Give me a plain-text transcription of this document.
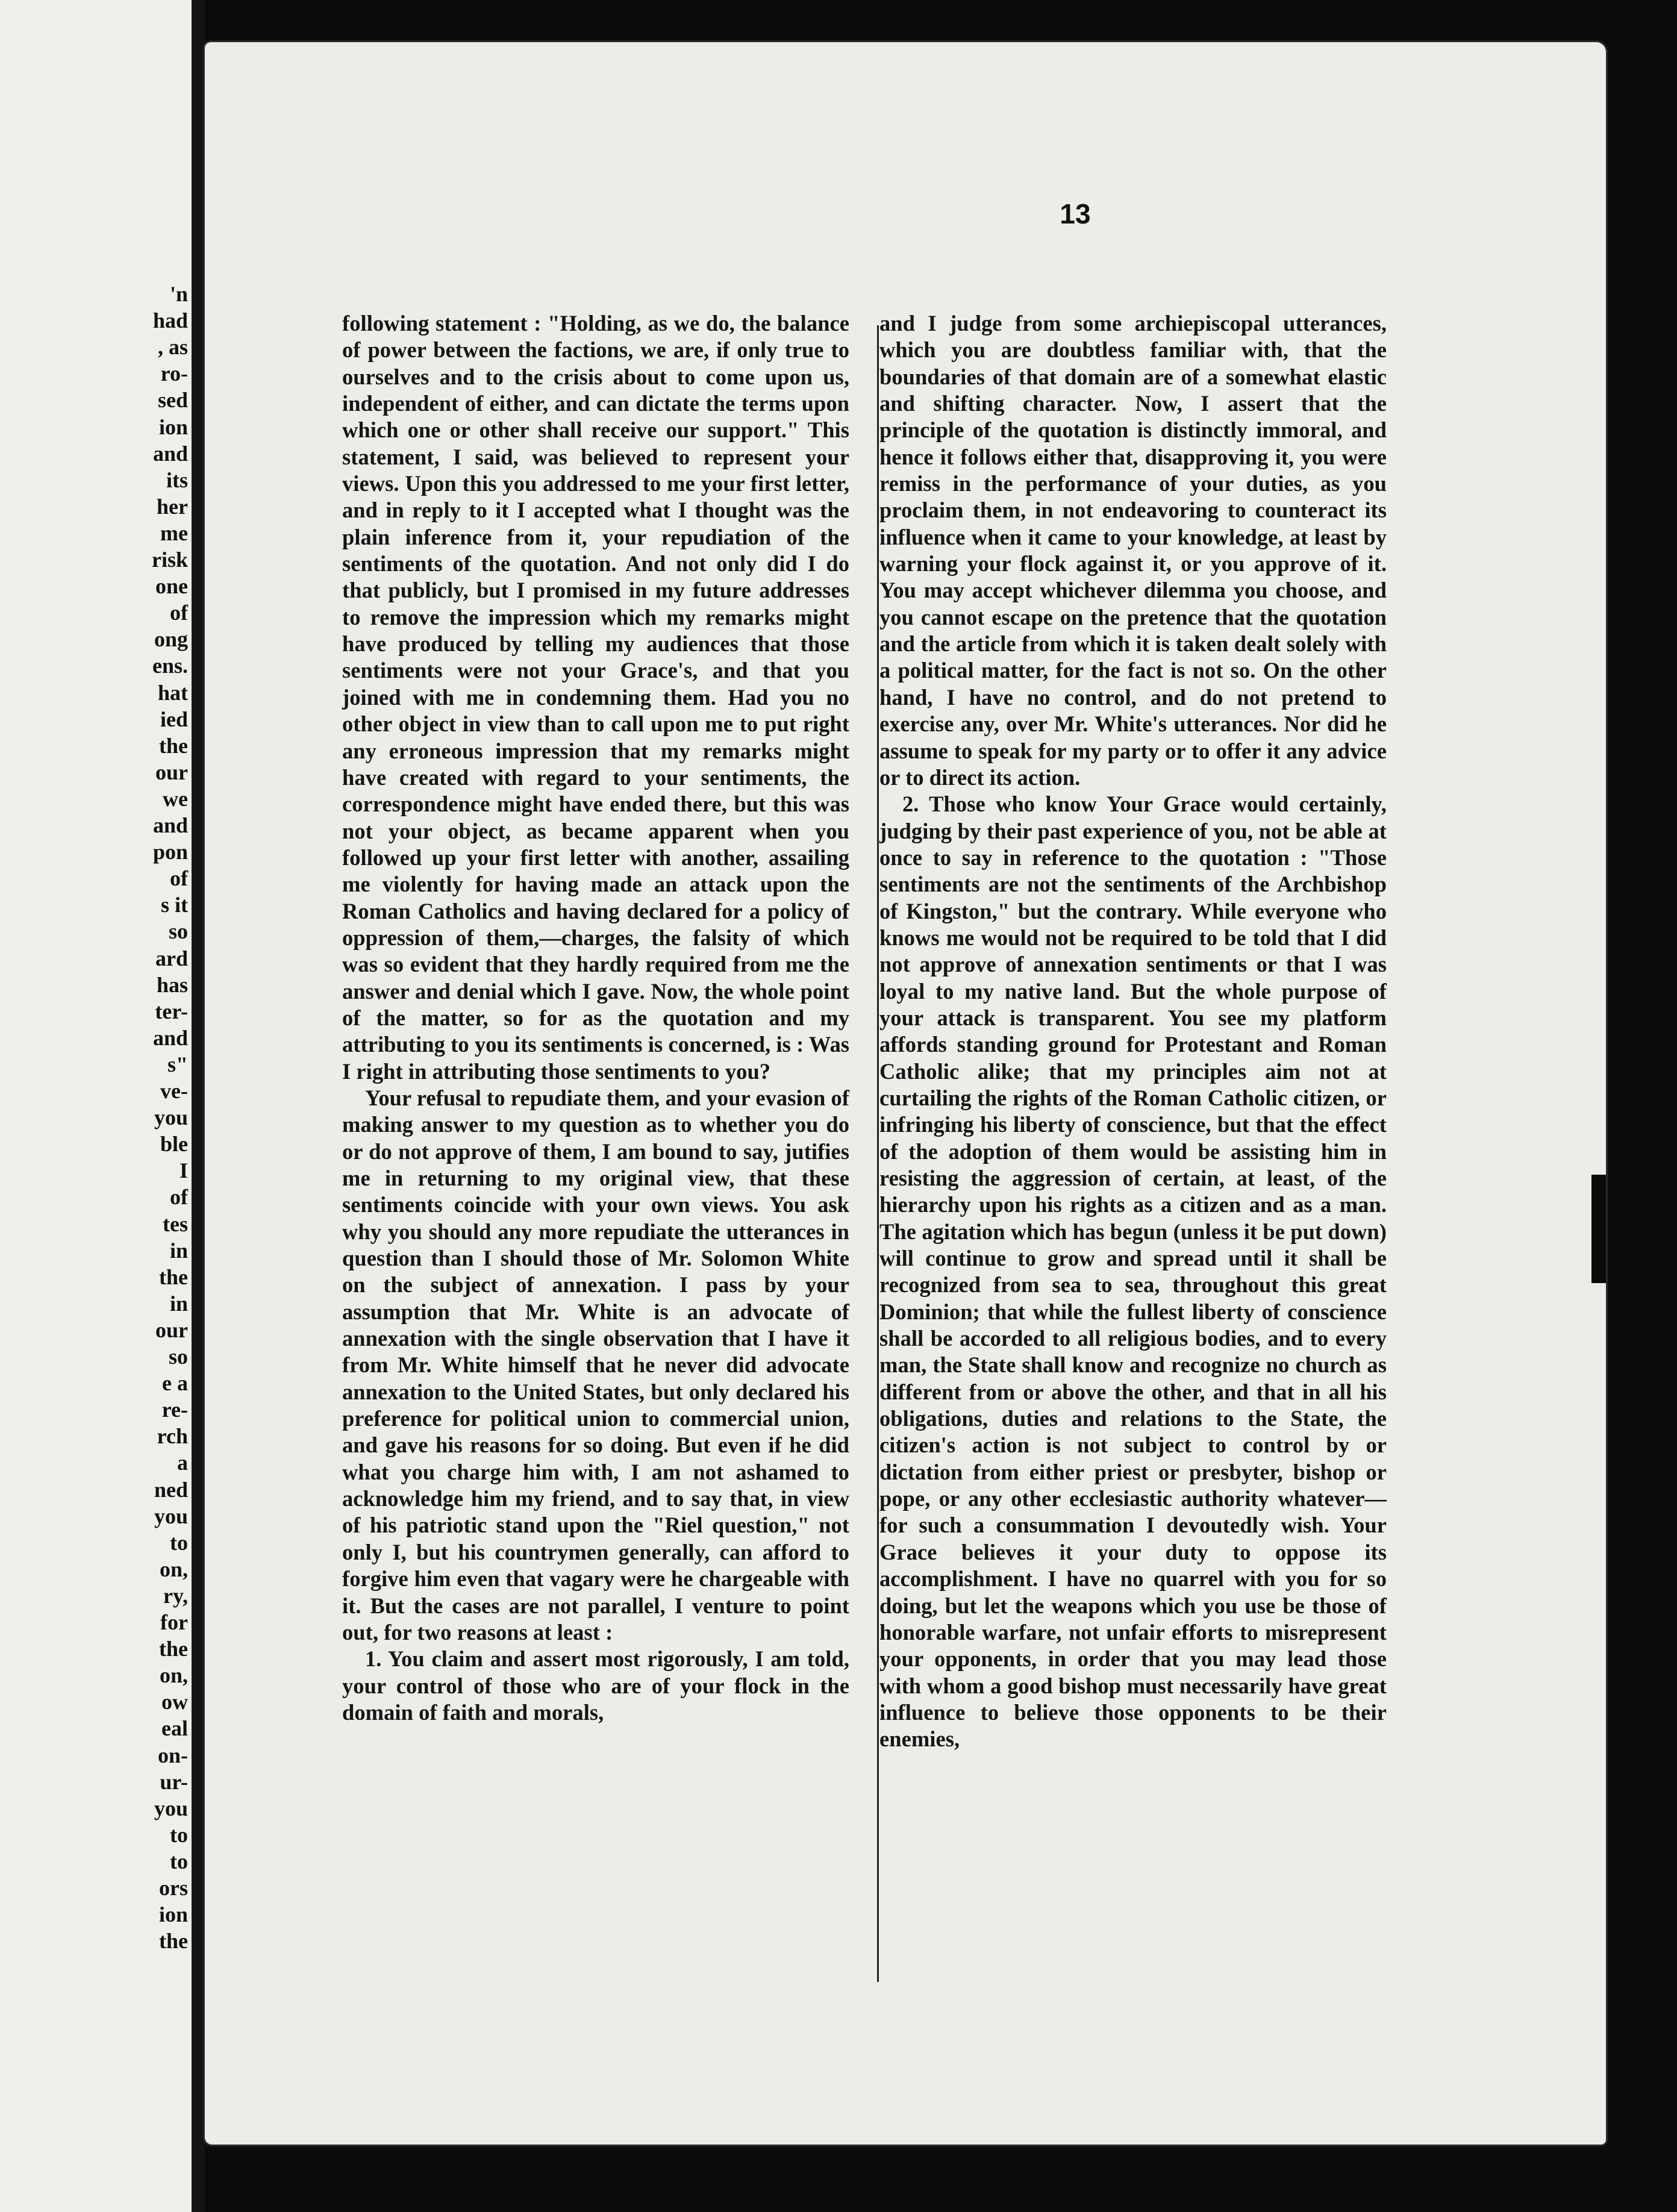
'n
had
, as
ro-
sed
ion
and
its
her
me
risk
one
of
ong
ens.
hat
ied
the
our
we
and
pon
of
s it
so
ard
has
ter-
and
s"
ve-
you
ble
I
of
tes
in
the
in
our
so
e a
re-
rch
a
ned
you
to
on,
ry,
for
the
on,
ow
eal
on-
ur-
you
to
to
ors
ion
the
13

following statement : "Holding, as we do, the balance of power between the factions, we are, if only true to ourselves and to the crisis about to come upon us, independent of either, and can dictate the terms upon which one or other shall receive our support." This statement, I said, was believed to represent your views. Upon this you addressed to me your first letter, and in reply to it I accepted what I thought was the plain inference from it, your repudiation of the sentiments of the quotation. And not only did I do that publicly, but I promised in my future addresses to remove the impression which my remarks might have produced by telling my audiences that those sentiments were not your Grace's, and that you joined with me in condemning them. Had you no other object in view than to call upon me to put right any erroneous impression that my remarks might have created with regard to your sentiments, the correspondence might have ended there, but this was not your object, as became apparent when you followed up your first letter with another, assailing me violently for having made an attack upon the Roman Catholics and having declared for a policy of oppression of them,—charges, the falsity of which was so evident that they hardly required from me the answer and denial which I gave. Now, the whole point of the matter, so for as the quotation and my attributing to you its sentiments is concerned, is : Was I right in attributing those sentiments to you?

Your refusal to repudiate them, and your evasion of making answer to my question as to whether you do or do not approve of them, I am bound to say, jutifies me in returning to my original view, that these sentiments coincide with your own views. You ask why you should any more repudiate the utterances in question than I should those of Mr. Solomon White on the subject of annexation. I pass by your assumption that Mr. White is an advocate of annexation with the single observation that I have it from Mr. White himself that he never did advocate annexation to the United States, but only declared his preference for political union to commercial union, and gave his reasons for so doing. But even if he did what you charge him with, I am not ashamed to acknowledge him my friend, and to say that, in view of his patriotic stand upon the "Riel question," not only I, but his countrymen generally, can afford to forgive him even that vagary were he chargeable with it. But the cases are not parallel, I venture to point out, for two reasons at least :

1. You claim and assert most rigorously, I am told, your control of those who are of your flock in the domain of faith and morals,

and I judge from some archiepiscopal utterances, which you are doubtless familiar with, that the boundaries of that domain are of a somewhat elastic and shifting character. Now, I assert that the principle of the quotation is distinctly immoral, and hence it follows either that, disapproving it, you were remiss in the performance of your duties, as you proclaim them, in not endeavoring to counteract its influence when it came to your knowledge, at least by warning your flock against it, or you approve of it. You may accept whichever dilemma you choose, and you cannot escape on the pretence that the quotation and the article from which it is taken dealt solely with a political matter, for the fact is not so. On the other hand, I have no control, and do not pretend to exercise any, over Mr. White's utterances. Nor did he assume to speak for my party or to offer it any advice or to direct its action.

2. Those who know Your Grace would certainly, judging by their past experience of you, not be able at once to say in reference to the quotation : "Those sentiments are not the sentiments of the Archbishop of Kingston," but the contrary. While everyone who knows me would not be required to be told that I did not approve of annexation sentiments or that I was loyal to my native land. But the whole purpose of your attack is transparent. You see my platform affords standing ground for Protestant and Roman Catholic alike; that my principles aim not at curtailing the rights of the Roman Catholic citizen, or infringing his liberty of conscience, but that the effect of the adoption of them would be assisting him in resisting the aggression of certain, at least, of the hierarchy upon his rights as a citizen and as a man. The agitation which has begun (unless it be put down) will continue to grow and spread until it shall be recognized from sea to sea, throughout this great Dominion; that while the fullest liberty of conscience shall be accorded to all religious bodies, and to every man, the State shall know and recognize no church as different from or above the other, and that in all his obligations, duties and relations to the State, the citizen's action is not subject to control by or dictation from either priest or presbyter, bishop or pope, or any other ecclesiastic authority whatever—for such a consummation I devoutedly wish. Your Grace believes it your duty to oppose its accomplishment. I have no quarrel with you for so doing, but let the weapons which you use be those of honorable warfare, not unfair efforts to misrepresent your opponents, in order that you may lead those with whom a good bishop must necessarily have great influence to believe those opponents to be their enemies,
